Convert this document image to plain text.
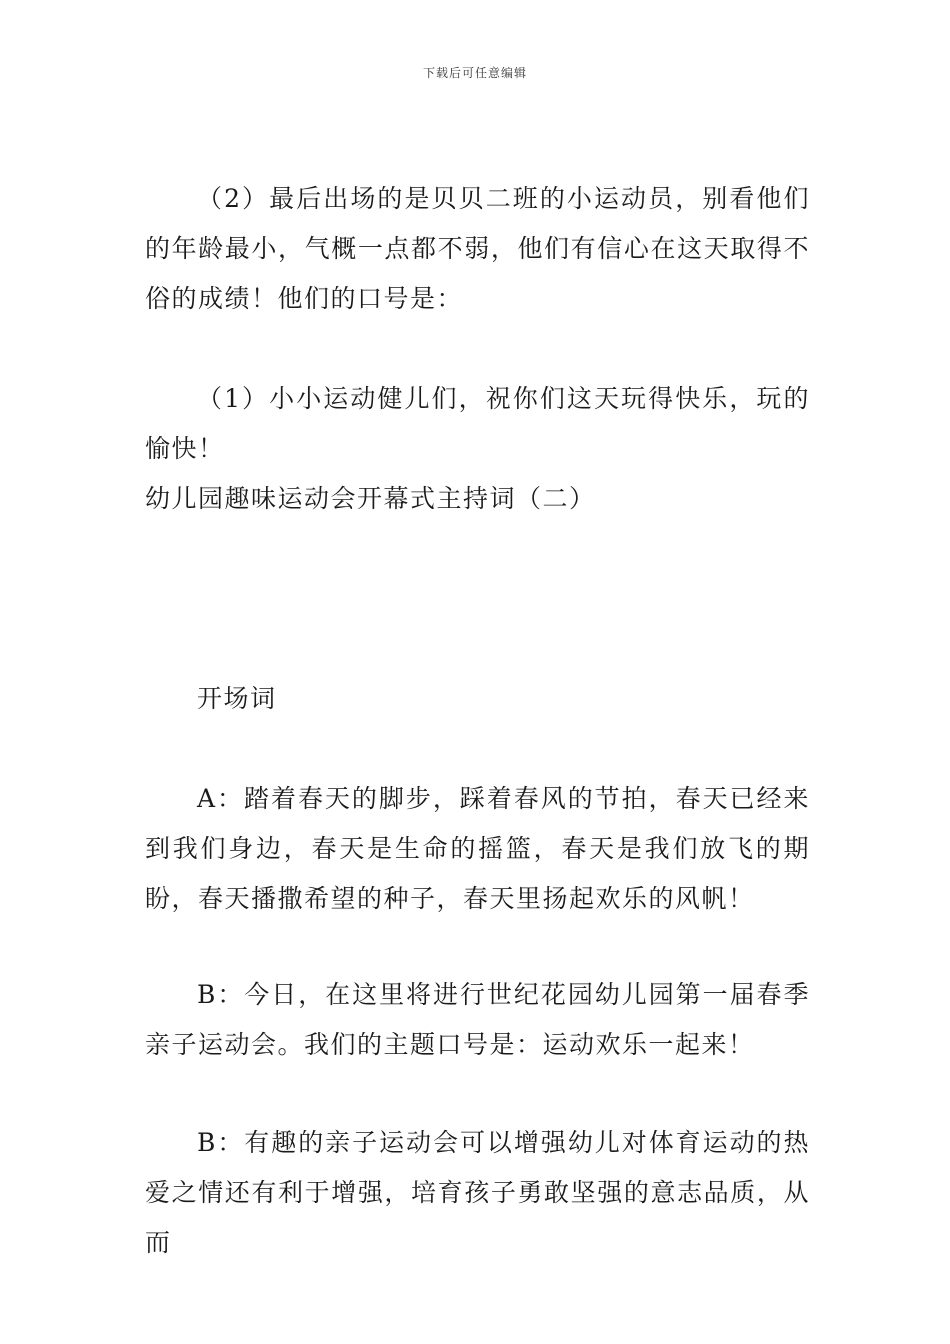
下载后可任意编辑

（2）最后出场的是贝贝二班的小运动员，别看他们的年龄最小，气概一点都不弱，他们有信心在这天取得不俗的成绩！他们的口号是：

（1）小小运动健儿们，祝你们这天玩得快乐，玩的愉快！

幼儿园趣味运动会开幕式主持词（二）

开场词

A：踏着春天的脚步，踩着春风的节拍，春天已经来到我们身边，春天是生命的摇篮，春天是我们放飞的期盼，春天播撒希望的种子，春天里扬起欢乐的风帆！

B：今日，在这里将进行世纪花园幼儿园第一届春季亲子运动会。我们的主题口号是：运动欢乐一起来！

B：有趣的亲子运动会可以增强幼儿对体育运动的热爱之情还有利于增强，培育孩子勇敢坚强的意志品质，从而
